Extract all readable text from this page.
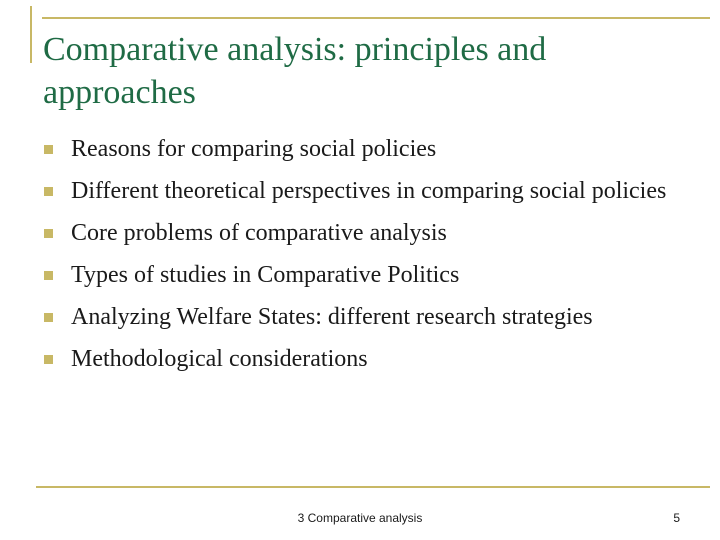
Comparative analysis: principles and approaches
Reasons for comparing social policies
Different theoretical perspectives in comparing social policies
Core problems of comparative analysis
Types of studies in Comparative Politics
Analyzing Welfare States: different research strategies
Methodological considerations
3 Comparative analysis	5
